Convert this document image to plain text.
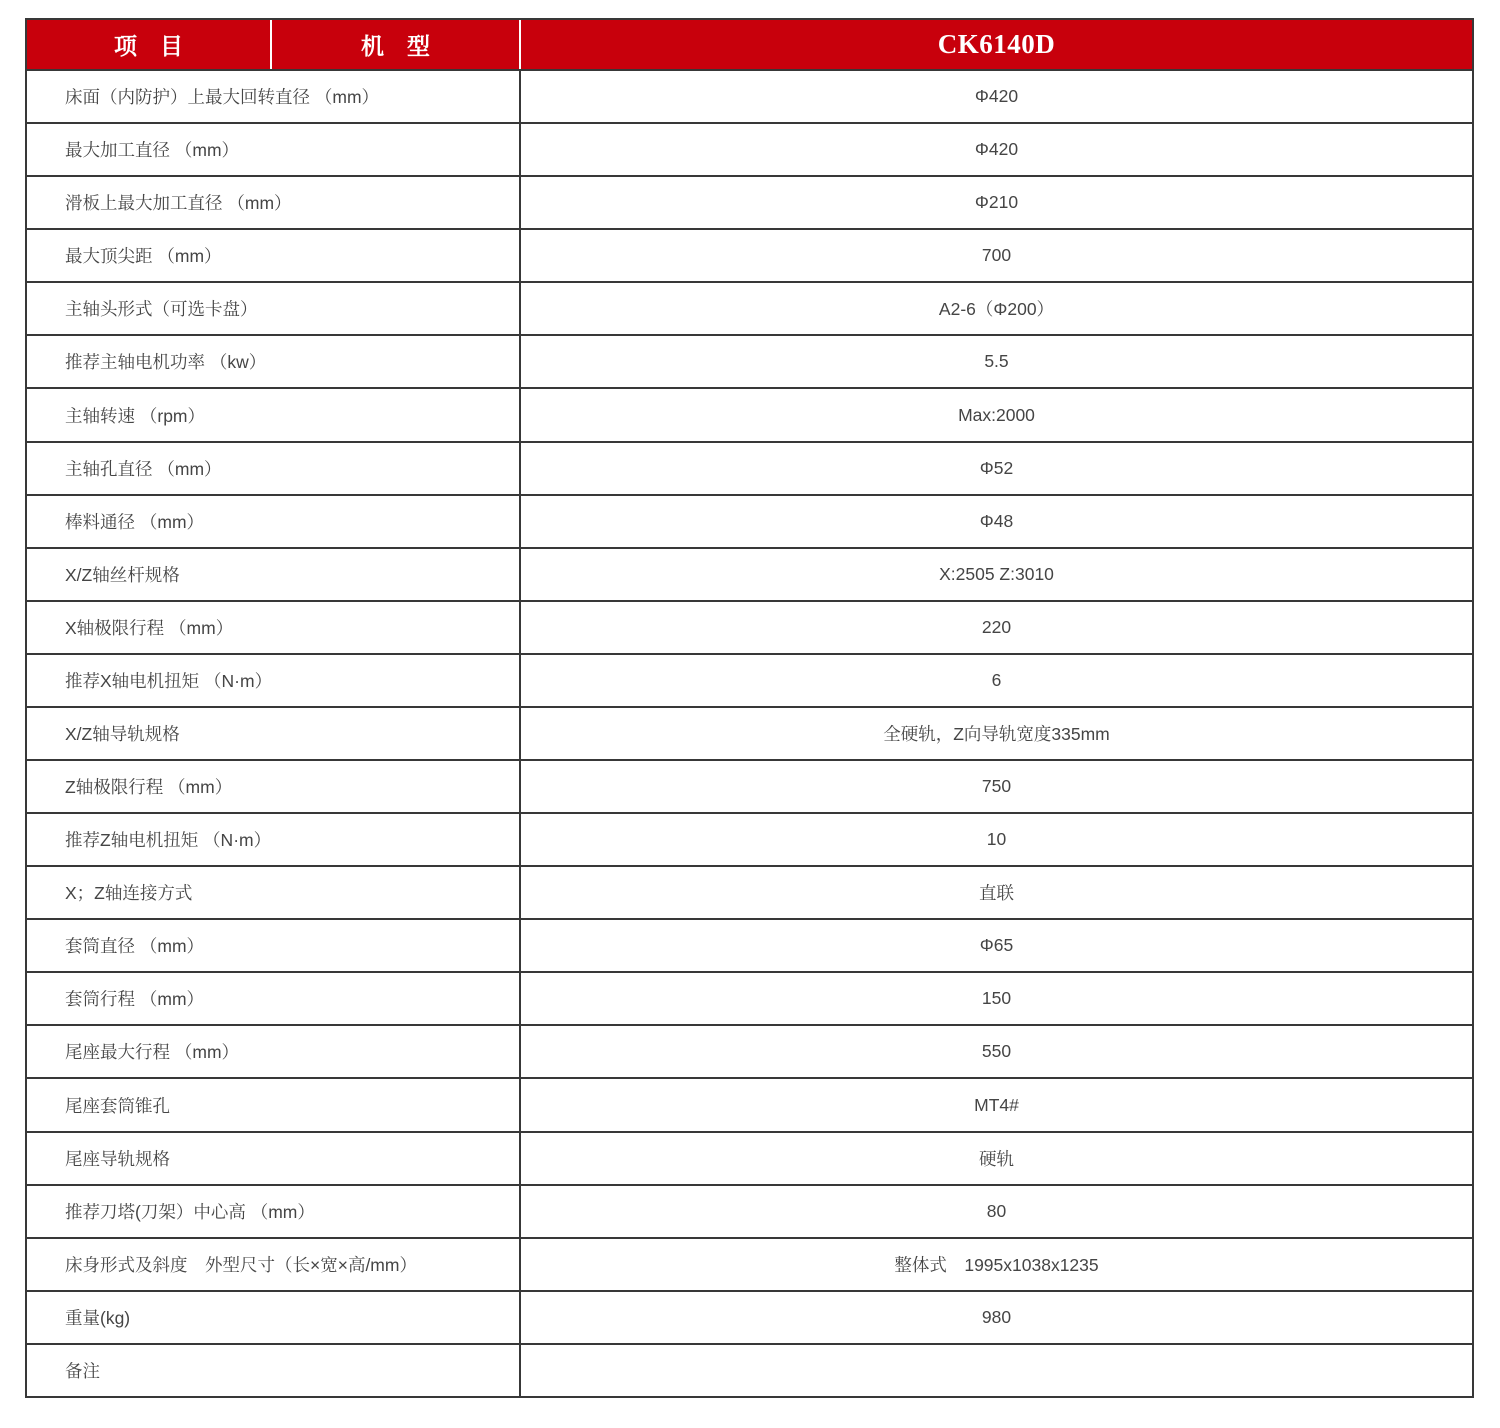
项　目	机　型	CK6140D
床面（内防护）上最大回转直径 （mm）	Φ420
最大加工直径 （mm）	Φ420
滑板上最大加工直径 （mm）	Φ210
最大顶尖距 （mm）	700
主轴头形式（可选卡盘）	A2-6（Φ200）
推荐主轴电机功率 （kw）	5.5
主轴转速 （rpm）	Max:2000
主轴孔直径 （mm）	Φ52
棒料通径 （mm）	Φ48
X/Z轴丝杆规格	X:2505 Z:3010
X轴极限行程 （mm）	220
推荐X轴电机扭矩 （N·m）	6
X/Z轴导轨规格	全硬轨，Z向导轨宽度335mm
Z轴极限行程 （mm）	750
推荐Z轴电机扭矩 （N·m）	10
X；Z轴连接方式	直联
套筒直径 （mm）	Φ65
套筒行程 （mm）	150
尾座最大行程 （mm）	550
尾座套筒锥孔	MT4#
尾座导轨规格	硬轨
推荐刀塔(刀架）中心高 （mm）	80
床身形式及斜度　外型尺寸（长×宽×高/mm）	整体式　1995x1038x1235
重量(kg)	980
备注
